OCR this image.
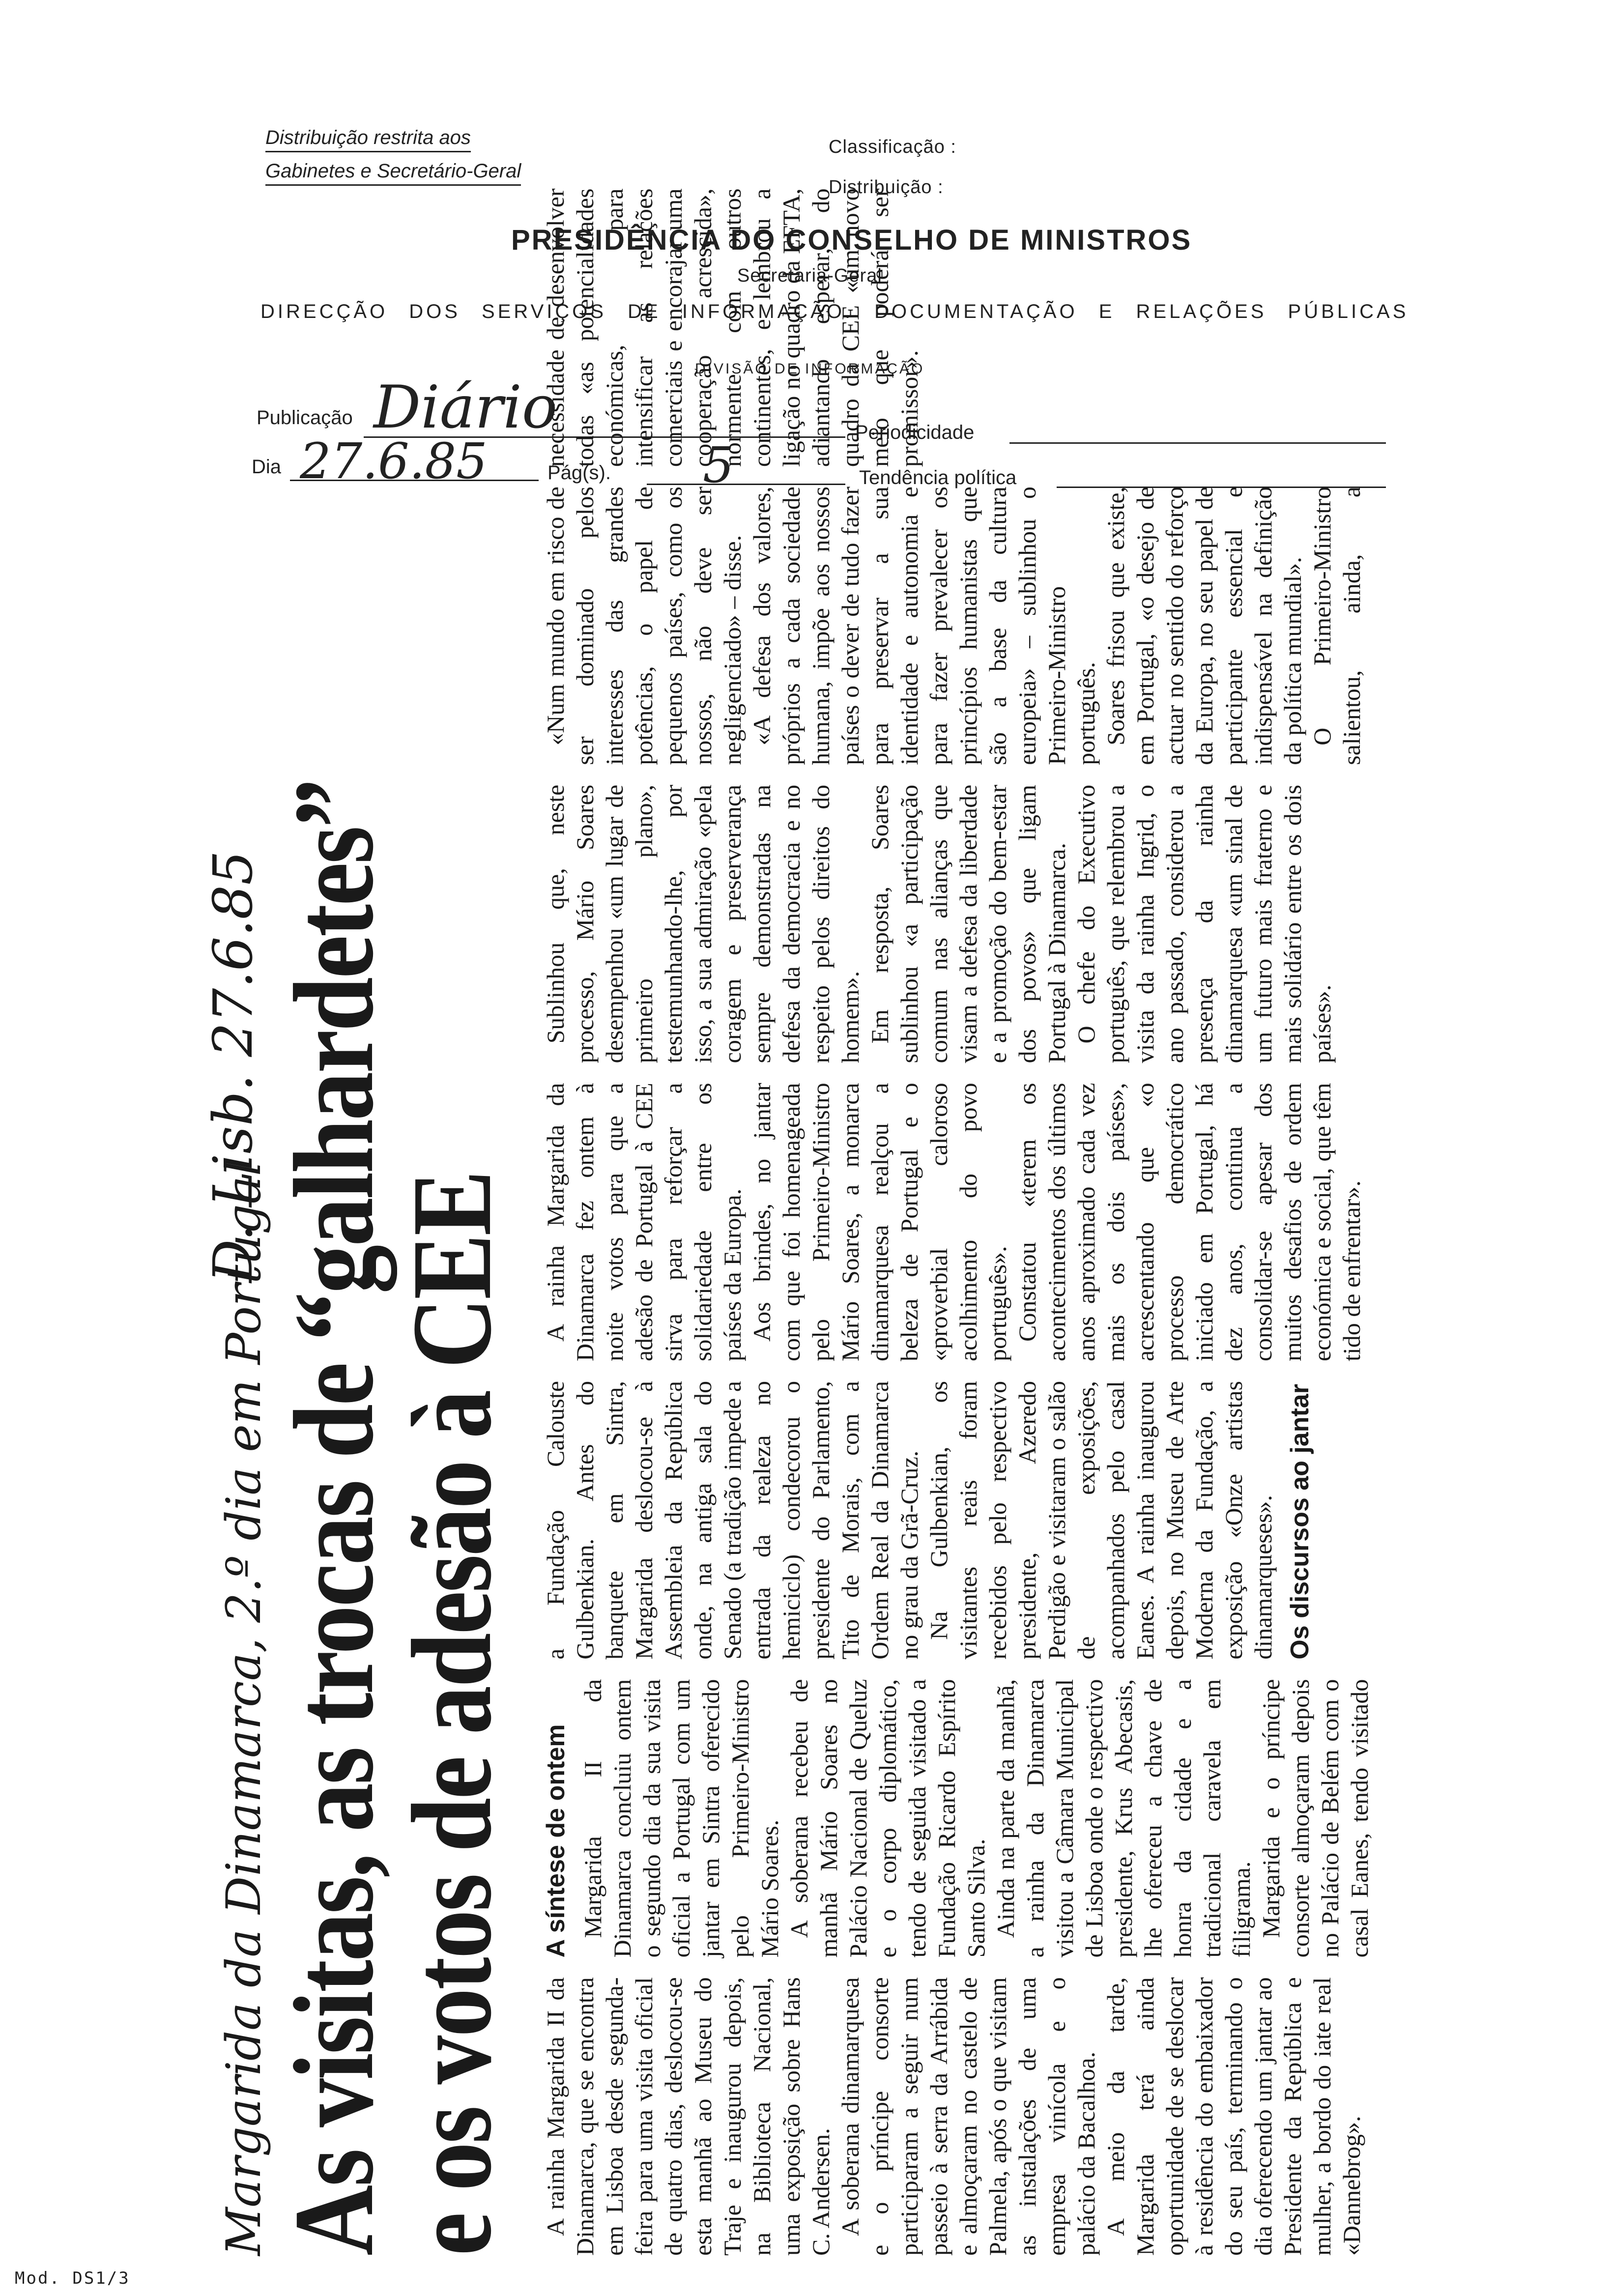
Distribuição restrita aos
Gabinetes e Secretário-Geral
Classificação :
Distribuição :
PRESIDÊNCIA DO CONSELHO DE MINISTROS
Secretaria-Geral
DIRECÇÃO DOS SERVIÇOS DE INFORMAÇÃO. DOCUMENTAÇÃO E RELAÇÕES PÚBLICAS
DIVISÃO DE INFORMAÇÃO
Publicação Diário	Periodicidade
Dia 27.6.85	Pág(s). 5	Tendência política
Margarida da Dinamarca, 2.º dia em Portugal
D. Lisb. 27.6.85 As visitas, as trocas de “galhardetes”
e os votos de adesão à CEE A rainha Margarida II da Dinamarca, que se encontra em Lisboa desde segunda-feira para uma visita oficial de quatro dias, deslocou-se esta manhã ao Museu do Traje e inaugurou depois, na Biblioteca Nacional, uma exposição sobre Hans C. Andersen. A soberana dinamarquesa e o príncipe consorte participaram a seguir num passeio à serra da Arrábida e almoçaram no castelo de Palmela, após o que visitam as instalações de uma empresa vinícola e o palácio da Bacalhoa. A meio da tarde, Margarida terá ainda oportunidade de se deslocar à residência do embaixador do seu país, terminando o dia oferecendo um jantar ao Presidente da República e mulher, a bordo do iate real «Dannebrog».

A síntese de ontem Margarida II da Dinamarca concluiu ontem o segundo dia da sua visita oficial a Portugal com um jantar em Sintra oferecido pelo Primeiro-Ministro Mário Soares. A soberana recebeu de manhã Mário Soares no Palácio Nacional de Queluz e o corpo diplomático, tendo de seguida visitado a Fundação Ricardo Espírito Santo Silva. Ainda na parte da manhã, a rainha da Dinamarca visitou a Câmara Municipal de Lisboa onde o respectivo presidente, Krus Abecasis, lhe ofereceu a chave de honra da cidade e a tradicional caravela em filigrama. Margarida e o príncipe consorte almoçaram depois no Palácio de Belém com o casal Eanes, tendo visitado a Fundação Calouste Gulbenkian. Antes do banquete em Sintra, Margarida deslocou-se à Assembleia da República onde, na antiga sala do Senado (a tradição impede a entrada da realeza no hemiciclo) condecorou o presidente do Parlamento, Tito de Morais, com a Ordem Real da Dinamarca no grau da Grã-Cruz. Na Gulbenkian, os visitantes reais foram recebidos pelo respectivo presidente, Azeredo Perdigão e visitaram o salão de exposições, acompanhados pelo casal Eanes. A rainha inaugurou depois, no Museu de Arte Moderna da Fundação, a exposição «Onze artistas dinamarqueses». Os discursos ao jantar

A rainha Margarida da Dinamarca fez ontem à noite votos para que a adesão de Portugal à CEE sirva para reforçar a solidariedade entre os países da Europa. Aos brindes, no jantar com que foi homenageada pelo Primeiro-Ministro Mário Soares, a monarca dinamarquesa realçou a beleza de Portugal e o «proverbial caloroso acolhimento do povo português». Constatou «terem os acontecimentos dos últimos anos aproximado cada vez mais os dois países», acrescentando que «o processo democrático iniciado em Portugal, há dez anos, continua a consolidar-se apesar dos muitos desafios de ordem económica e social, que têm tido de enfrentar».

Sublinhou que, neste processo, Mário Soares desempenhou «um lugar de primeiro plano», testemunhando-lhe, por isso, a sua admiração «pela coragem e preserverança sempre demonstradas na defesa da democracia e no respeito pelos direitos do homem». Em resposta, Soares sublinhou «a participação comum nas alianças que visam a defesa da liberdade e a promoção do bem-estar dos povos» que ligam Portugal à Dinamarca. O chefe do Executivo português, que relembrou a visita da rainha Ingrid, o ano passado, considerou a presença da rainha dinamarquesa «um sinal de um futuro mais fraterno e mais solidário entre os dois países».

«Num mundo em risco de ser dominado pelos interesses das grandes potências, o papel de pequenos países, como os nossos, não deve ser negligenciado» – disse. «A defesa dos valores, próprios a cada sociedade humana, impõe aos nossos países o dever de tudo fazer para preservar a sua identidade e autonomia e para fazer prevalecer os princípios humanistas que são a base da cultura europeia» – sublinhou o Primeiro-Ministro português. Soares frisou que existe, em Portugal, «o desejo de actuar no sentido do reforço da Europa, no seu papel de participante essencial e indispensável na definição da política mundial». O Primeiro-Ministro salientou, ainda, a necessidade de desenvolver todas «as potencialidades económicas, para intensificar as relações comerciais e encorajar uma cooperação acrescida», normente com outros continentes, e lembrou a ligação no quadro da EFTA, adiantando esperar, do quadro da CEE «um novo meio que poderá ser promissor».

Mod. DS1/3
